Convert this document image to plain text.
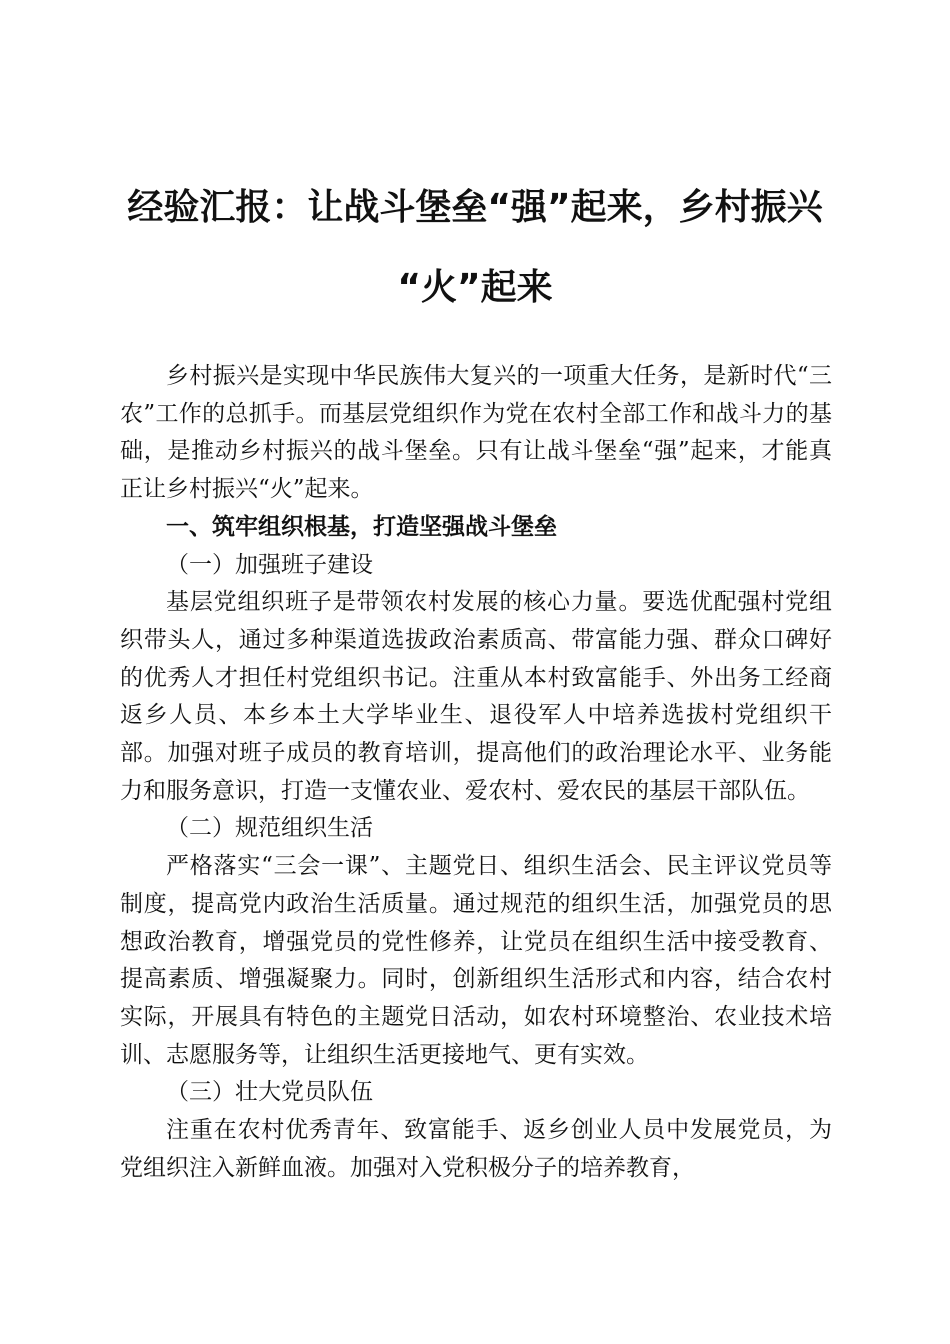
经验汇报：让战斗堡垒“强”起来，乡村振兴
“火”起来

乡村振兴是实现中华民族伟大复兴的一项重大任务，是新时代“三农”工作的总抓手。而基层党组织作为党在农村全部工作和战斗力的基础，是推动乡村振兴的战斗堡垒。只有让战斗堡垒“强”起来，才能真正让乡村振兴“火”起来。

一、筑牢组织根基，打造坚强战斗堡垒

（一）加强班子建设

基层党组织班子是带领农村发展的核心力量。要选优配强村党组织带头人，通过多种渠道选拔政治素质高、带富能力强、群众口碑好的优秀人才担任村党组织书记。注重从本村致富能手、外出务工经商返乡人员、本乡本土大学毕业生、退役军人中培养选拔村党组织干部。加强对班子成员的教育培训，提高他们的政治理论水平、业务能力和服务意识，打造一支懂农业、爱农村、爱农民的基层干部队伍。

（二）规范组织生活

严格落实“三会一课”、主题党日、组织生活会、民主评议党员等制度，提高党内政治生活质量。通过规范的组织生活，加强党员的思想政治教育，增强党员的党性修养，让党员在组织生活中接受教育、提高素质、增强凝聚力。同时，创新组织生活形式和内容，结合农村实际，开展具有特色的主题党日活动，如农村环境整治、农业技术培训、志愿服务等，让组织生活更接地气、更有实效。

（三）壮大党员队伍

注重在农村优秀青年、致富能手、返乡创业人员中发展党员，为党组织注入新鲜血液。加强对入党积极分子的培养教育，
